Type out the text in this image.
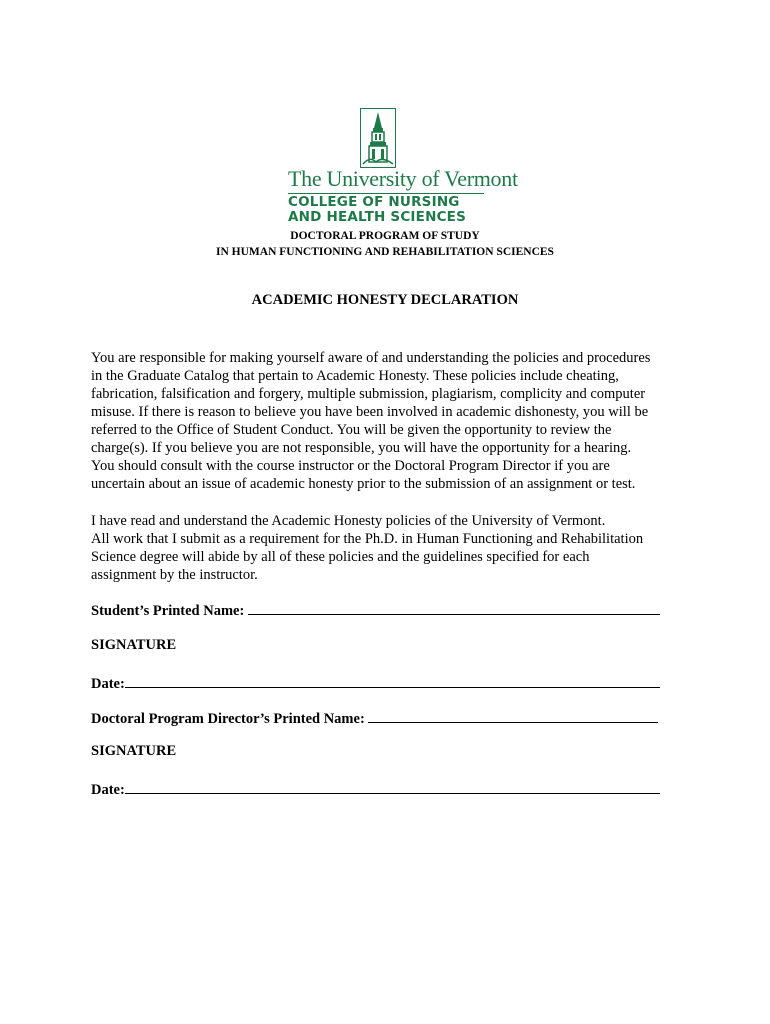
The University of Vermont
COLLEGE OF NURSING
AND HEALTH SCIENCES
DOCTORAL PROGRAM OF STUDY
IN HUMAN FUNCTIONING AND REHABILITATION SCIENCES
ACADEMIC HONESTY DECLARATION
You are responsible for making yourself aware of and understanding the policies and procedures
in the Graduate Catalog that pertain to Academic Honesty. These policies include cheating,
fabrication, falsification and forgery, multiple submission, plagiarism, complicity and computer
misuse. If there is reason to believe you have been involved in academic dishonesty, you will be
referred to the Office of Student Conduct. You will be given the opportunity to review the
charge(s). If you believe you are not responsible, you will have the opportunity for a hearing.
You should consult with the course instructor or the Doctoral Program Director if you are
uncertain about an issue of academic honesty prior to the submission of an assignment or test.
I have read and understand the Academic Honesty policies of the University of Vermont.
All work that I submit as a requirement for the Ph.D. in Human Functioning and Rehabilitation
Science degree will abide by all of these policies and the guidelines specified for each
assignment by the instructor.
Student’s Printed Name:
SIGNATURE
Date:
Doctoral Program Director’s Printed Name:
SIGNATURE
Date:
